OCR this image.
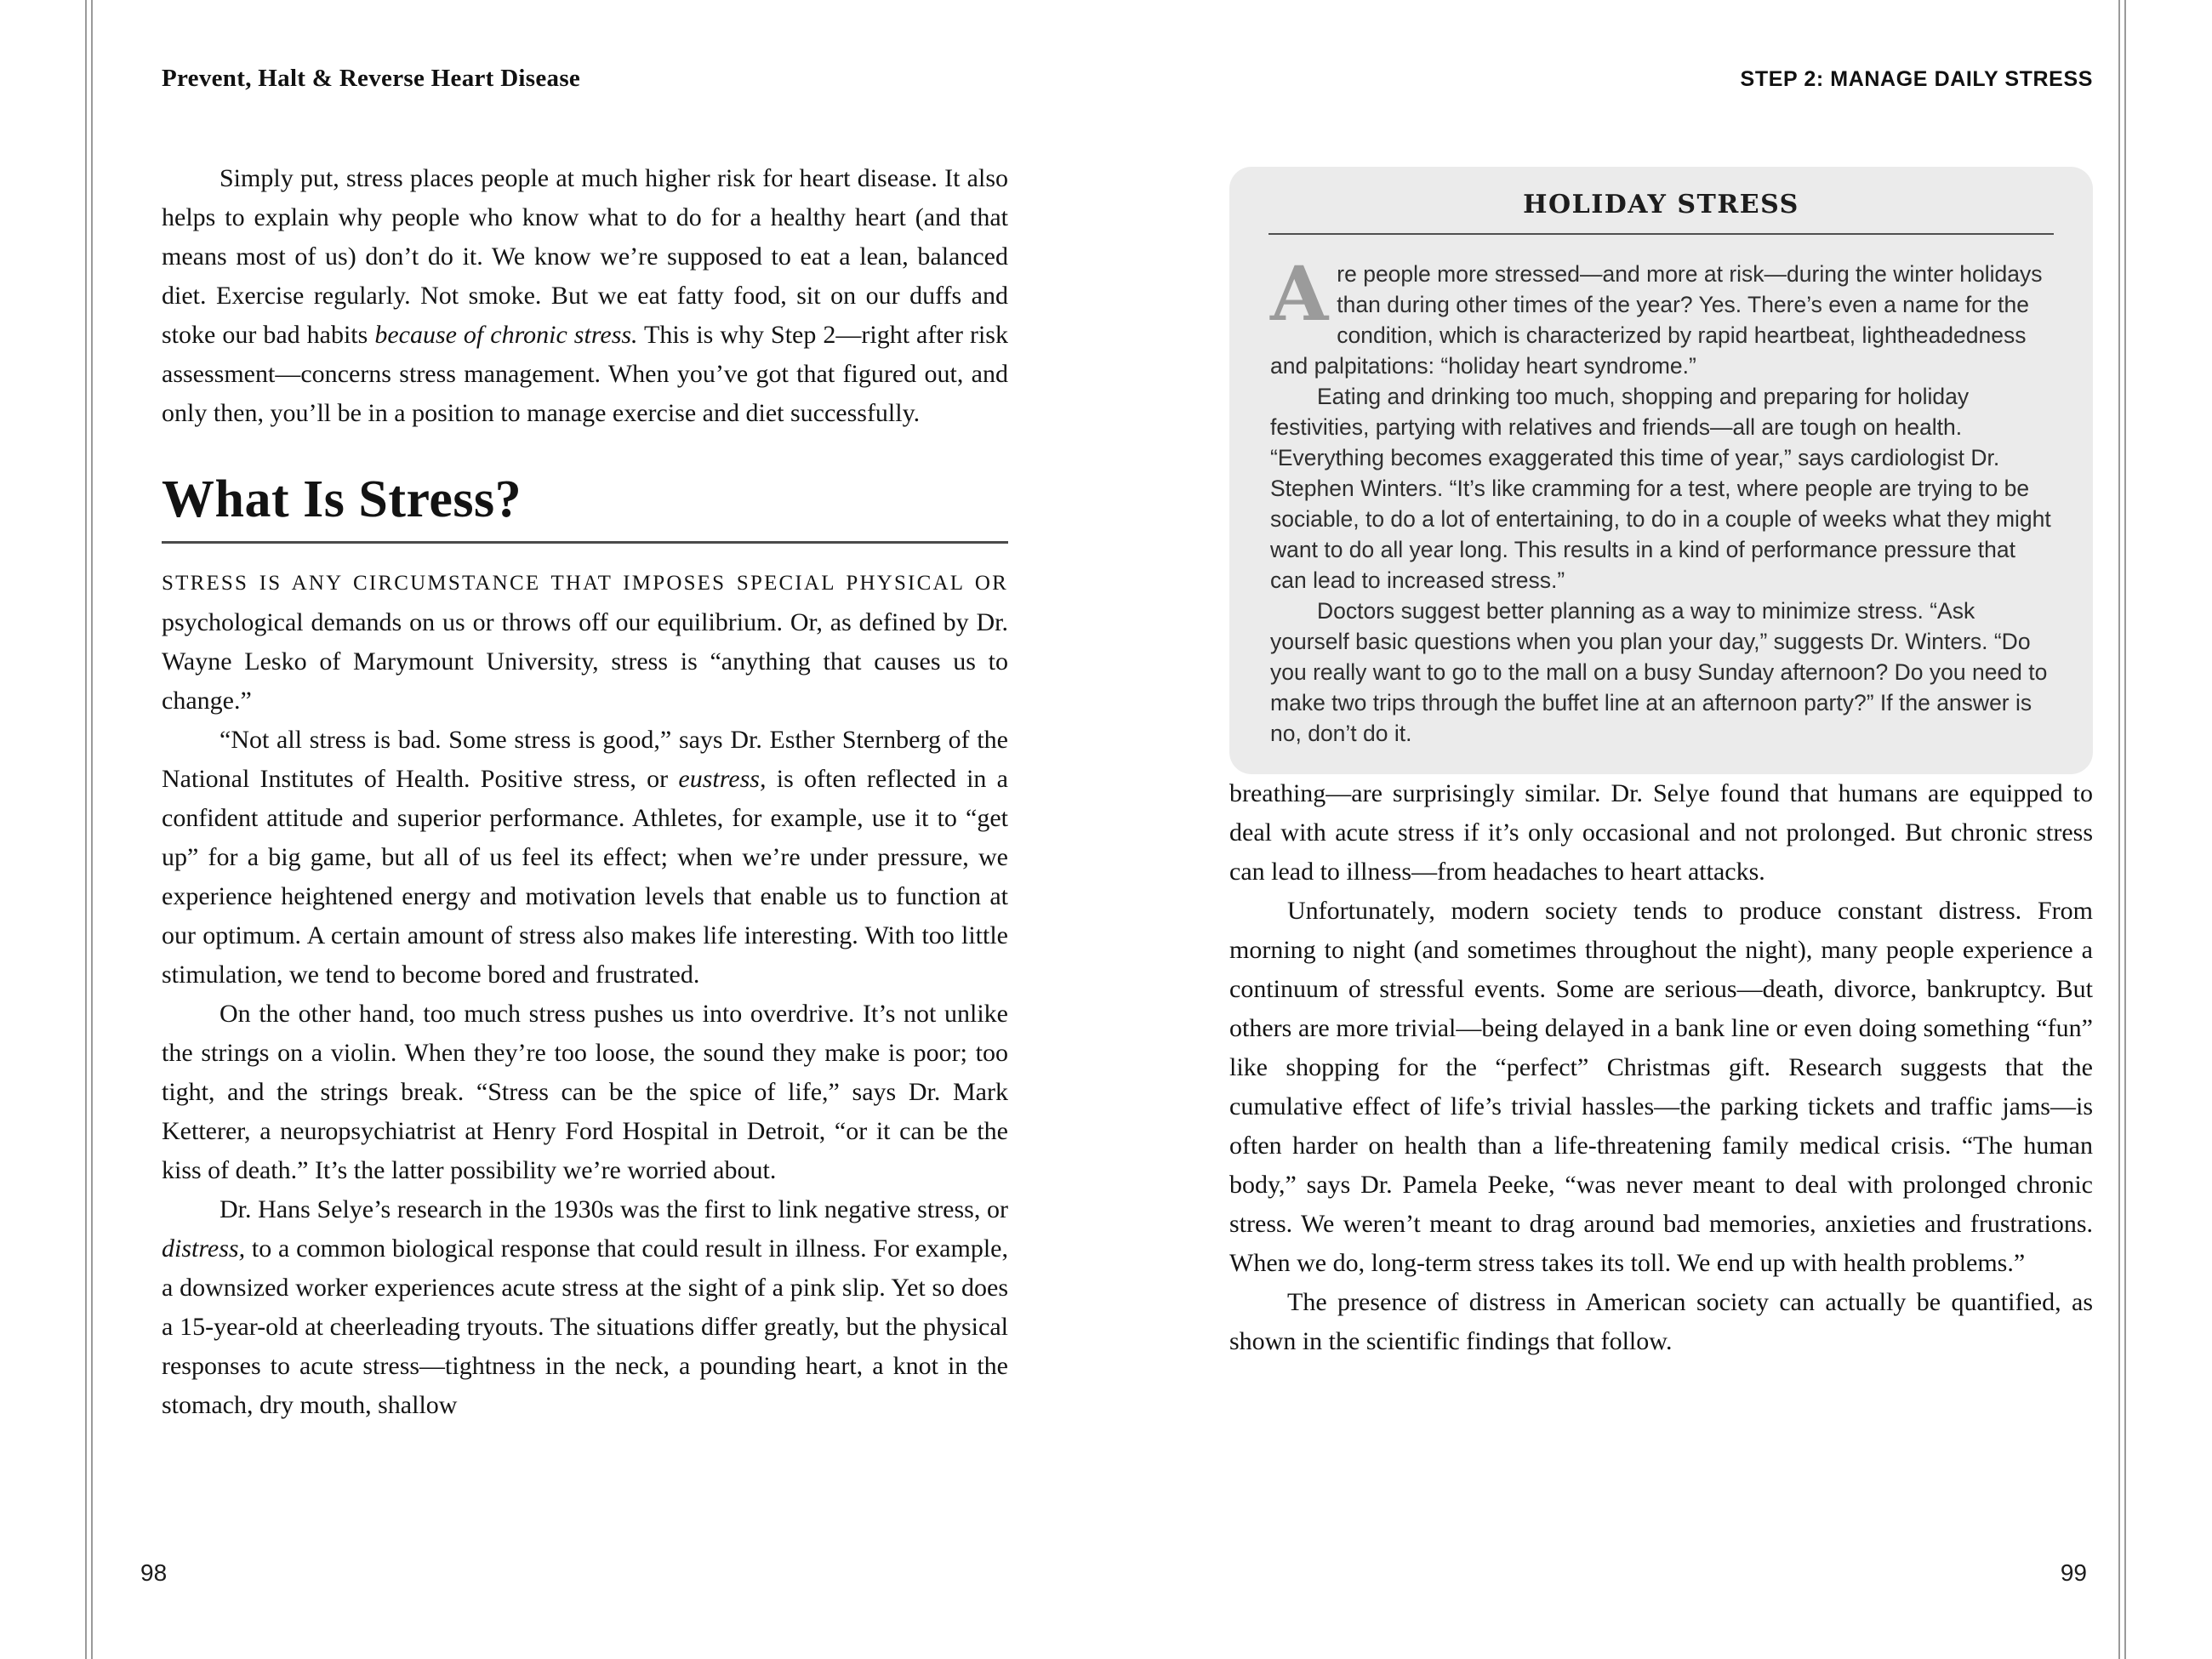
Prevent, Halt & Reverse Heart Disease

Simply put, stress places people at much higher risk for heart disease. It also helps to explain why people who know what to do for a healthy heart (and that means most of us) don’t do it. We know we’re supposed to eat a lean, balanced diet. Exercise regularly. Not smoke. But we eat fatty food, sit on our duffs and stoke our bad habits because of chronic stress. This is why Step 2—right after risk assessment—concerns stress management. When you’ve got that figured out, and only then, you’ll be in a position to manage exercise and diet successfully.

What Is Stress?

STRESS IS ANY CIRCUMSTANCE THAT IMPOSES SPECIAL PHYSICAL OR psychological demands on us or throws off our equilibrium. Or, as defined by Dr. Wayne Lesko of Marymount University, stress is “anything that causes us to change.”

“Not all stress is bad. Some stress is good,” says Dr. Esther Sternberg of the National Institutes of Health. Positive stress, or eustress, is often reflected in a confident attitude and superior performance. Athletes, for example, use it to “get up” for a big game, but all of us feel its effect; when we’re under pressure, we experience heightened energy and motivation levels that enable us to function at our optimum. A certain amount of stress also makes life interesting. With too little stimulation, we tend to become bored and frustrated.

On the other hand, too much stress pushes us into overdrive. It’s not unlike the strings on a violin. When they’re too loose, the sound they make is poor; too tight, and the strings break. “Stress can be the spice of life,” says Dr. Mark Ketterer, a neuropsychiatrist at Henry Ford Hospital in Detroit, “or it can be the kiss of death.” It’s the latter possibility we’re worried about.

Dr. Hans Selye’s research in the 1930s was the first to link negative stress, or distress, to a common biological response that could result in illness. For example, a downsized worker experiences acute stress at the sight of a pink slip. Yet so does a 15-year-old at cheerleading tryouts. The situations differ greatly, but the physical responses to acute stress—tightness in the neck, a pounding heart, a knot in the stomach, dry mouth, shallow

STEP 2: MANAGE DAILY STRESS
HOLIDAY STRESS

Are people more stressed—and more at risk—during the winter holidays than during other times of the year? Yes. There’s even a name for the condition, which is characterized by rapid heartbeat, lightheadedness and palpitations: “holiday heart syndrome.”

Eating and drinking too much, shopping and preparing for holiday festivities, partying with relatives and friends—all are tough on health. “Everything becomes exaggerated this time of year,” says cardiologist Dr. Stephen Winters. “It’s like cramming for a test, where people are trying to be sociable, to do a lot of entertaining, to do in a couple of weeks what they might want to do all year long. This results in a kind of performance pressure that can lead to increased stress.”

Doctors suggest better planning as a way to minimize stress. “Ask yourself basic questions when you plan your day,” suggests Dr. Winters. “Do you really want to go to the mall on a busy Sunday afternoon? Do you need to make two trips through the buffet line at an afternoon party?” If the answer is no, don’t do it.

breathing—are surprisingly similar. Dr. Selye found that humans are equipped to deal with acute stress if it’s only occasional and not prolonged. But chronic stress can lead to illness—from headaches to heart attacks.

Unfortunately, modern society tends to produce constant distress. From morning to night (and sometimes throughout the night), many people experience a continuum of stressful events. Some are serious—death, divorce, bankruptcy. But others are more trivial—being delayed in a bank line or even doing something “fun” like shopping for the “perfect” Christmas gift. Research suggests that the cumulative effect of life’s trivial hassles—the parking tickets and traffic jams—is often harder on health than a life-threatening family medical crisis. “The human body,” says Dr. Pamela Peeke, “was never meant to deal with prolonged chronic stress. We weren’t meant to drag around bad memories, anxieties and frustrations. When we do, long-term stress takes its toll. We end up with health problems.”

The presence of distress in American society can actually be quantified, as shown in the scientific findings that follow.

98	99
